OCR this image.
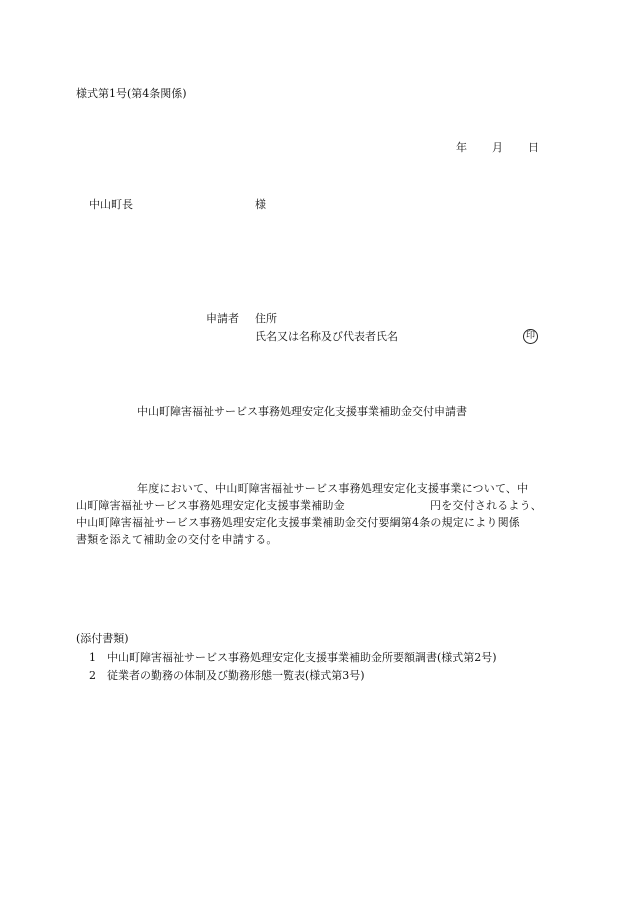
様式第1号(第4条関係)
年 月 日
中山町長	様
申請者 住所
氏名又は名称及び代表者氏名	印
中山町障害福祉サービス事務処理安定化支援事業補助金交付申請書
年度において、中山町障害福祉サービス事務処理安定化支援事業について、中
山町障害福祉サービス事務処理安定化支援事業補助金	円を交付されるよう、
中山町障害福祉サービス事務処理安定化支援事業補助金交付要綱第4条の規定により関係
書類を添えて補助金の交付を申請する。
(添付書類)
1 中山町障害福祉サービス事務処理安定化支援事業補助金所要額調書(様式第2号)
2 従業者の勤務の体制及び勤務形態一覧表(様式第3号)
